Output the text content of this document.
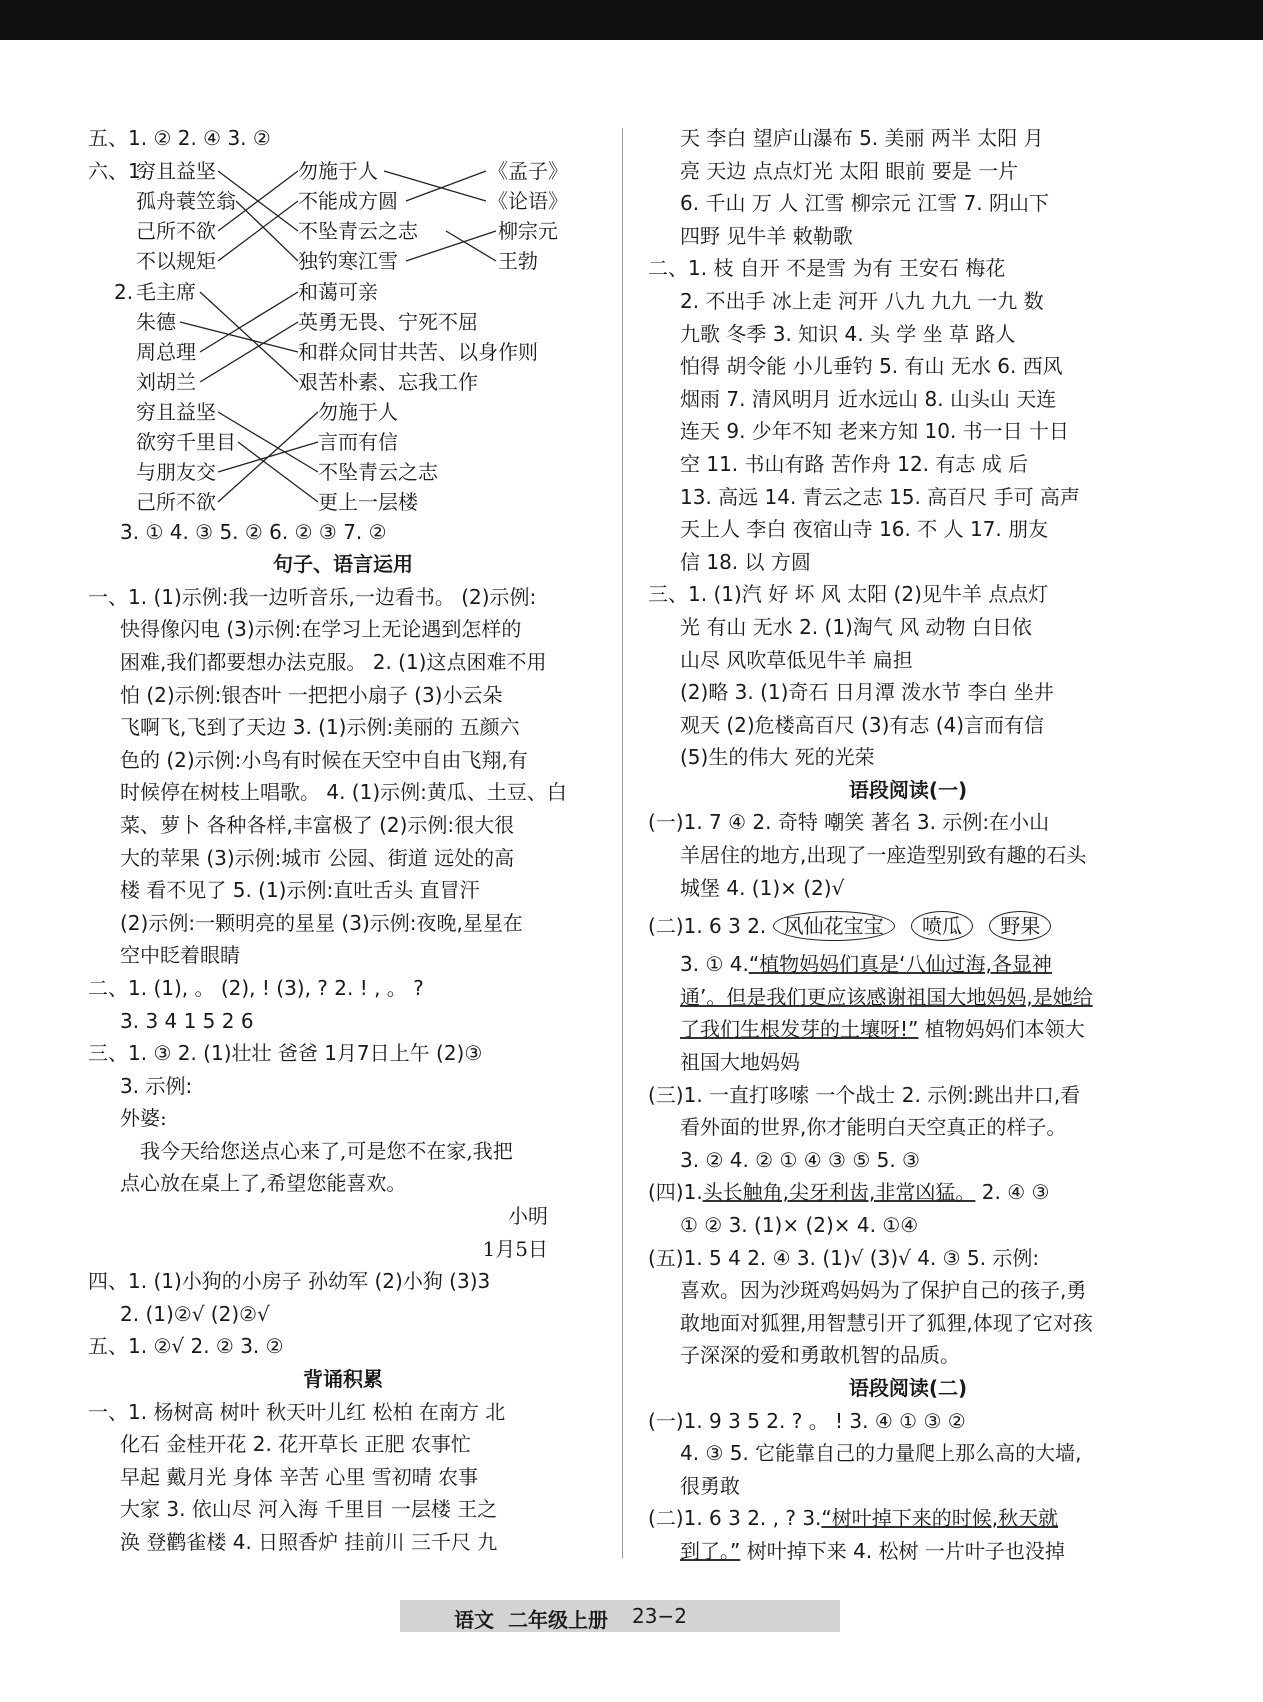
五、1. ② 2. ④ 3. ②
六、1.
穷且益坚
孤舟蓑笠翁
己所不欲
不以规矩
勿施于人
不能成方圆
不坠青云之志
独钓寒江雪
《孟子》
《论语》
柳宗元
王勃
2. 毛主席
朱德
周总理
刘胡兰
和蔼可亲
英勇无畏、宁死不屈
和群众同甘共苦、以身作则
艰苦朴素、忘我工作
穷且益坚
欲穷千里目
与朋友交
己所不欲
勿施于人
言而有信
不坠青云之志
更上一层楼
3. ① 4. ③ 5. ② 6. ② ③ 7. ②
句子、语言运用
一、1. (1)示例:我一边听音乐,一边看书。 (2)示例:
快得像闪电 (3)示例:在学习上无论遇到怎样的
困难,我们都要想办法克服。 2. (1)这点困难不用
怕 (2)示例:银杏叶 一把把小扇子 (3)小云朵
飞啊飞,飞到了天边 3. (1)示例:美丽的 五颜六
色的 (2)示例:小鸟有时候在天空中自由飞翔,有
时候停在树枝上唱歌。 4. (1)示例:黄瓜、土豆、白
菜、萝卜 各种各样,丰富极了 (2)示例:很大很
大的苹果 (3)示例:城市 公园、街道 远处的高
楼 看不见了 5. (1)示例:直吐舌头 直冒汗
(2)示例:一颗明亮的星星 (3)示例:夜晚,星星在
空中眨着眼睛
二、1. (1), 。 (2), ! (3), ? 2. ! , 。 ?
3. 3 4 1 5 2 6
三、1. ③ 2. (1)壮壮 爸爸 1月7日上午 (2)③
3. 示例:
外婆:
我今天给您送点心来了,可是您不在家,我把
点心放在桌上了,希望您能喜欢。
小明
1月5日
四、1. (1)小狗的小房子 孙幼军 (2)小狗 (3)3
2. (1)②√ (2)②√
五、1. ②√ 2. ② 3. ②
背诵积累
一、1. 杨树高 树叶 秋天叶儿红 松柏 在南方 北
化石 金桂开花 2. 花开草长 正肥 农事忙
早起 戴月光 身体 辛苦 心里 雪初晴 农事
大家 3. 依山尽 河入海 千里目 一层楼 王之
涣 登鹳雀楼 4. 日照香炉 挂前川 三千尺 九
天 李白 望庐山瀑布 5. 美丽 两半 太阳 月
亮 天边 点点灯光 太阳 眼前 要是 一片
6. 千山 万 人 江雪 柳宗元 江雪 7. 阴山下
四野 见牛羊 敕勒歌
二、1. 枝 自开 不是雪 为有 王安石 梅花
2. 不出手 冰上走 河开 八九 九九 一九 数
九歌 冬季 3. 知识 4. 头 学 坐 草 路人
怕得 胡令能 小儿垂钓 5. 有山 无水 6. 西风
烟雨 7. 清风明月 近水远山 8. 山头山 天连
连天 9. 少年不知 老来方知 10. 书一日 十日
空 11. 书山有路 苦作舟 12. 有志 成 后
13. 高远 14. 青云之志 15. 高百尺 手可 高声
天上人 李白 夜宿山寺 16. 不 人 17. 朋友
信 18. 以 方圆
三、1. (1)汽 好 坏 风 太阳 (2)见牛羊 点点灯
光 有山 无水 2. (1)淘气 风 动物 白日依
山尽 风吹草低见牛羊 扁担
(2)略 3. (1)奇石 日月潭 泼水节 李白 坐井
观天 (2)危楼高百尺 (3)有志 (4)言而有信
(5)生的伟大 死的光荣
语段阅读(一)
(一)1. 7 ④ 2. 奇特 嘲笑 著名 3. 示例:在小山
羊居住的地方,出现了一座造型别致有趣的石头
城堡 4. (1)× (2)√
(二)1. 6 3 2. 风仙花宝宝 喷瓜 野果
3. ① 4.“植物妈妈们真是‘八仙过海,各显神
通’。但是我们更应该感谢祖国大地妈妈,是她给
了我们生根发芽的土壤呀!” 植物妈妈们本领大
祖国大地妈妈
(三)1. 一直打哆嗦 一个战士 2. 示例:跳出井口,看
看外面的世界,你才能明白天空真正的样子。
3. ② 4. ② ① ④ ③ ⑤ 5. ③
(四)1.头长触角,尖牙利齿,非常凶猛。 2. ④ ③
① ② 3. (1)× (2)× 4. ①④
(五)1. 5 4 2. ④ 3. (1)√ (3)√ 4. ③ 5. 示例:
喜欢。因为沙斑鸡妈妈为了保护自己的孩子,勇
敢地面对狐狸,用智慧引开了狐狸,体现了它对孩
子深深的爱和勇敢机智的品质。
语段阅读(二)
(一)1. 9 3 5 2. ? 。 ! 3. ④ ① ③ ②
4. ③ 5. 它能靠自己的力量爬上那么高的大墙,
很勇敢
(二)1. 6 3 2. , ? 3.“树叶掉下来的时候,秋天就
到了。” 树叶掉下来 4. 松树 一片叶子也没掉
语文 二年级上册 23−2
